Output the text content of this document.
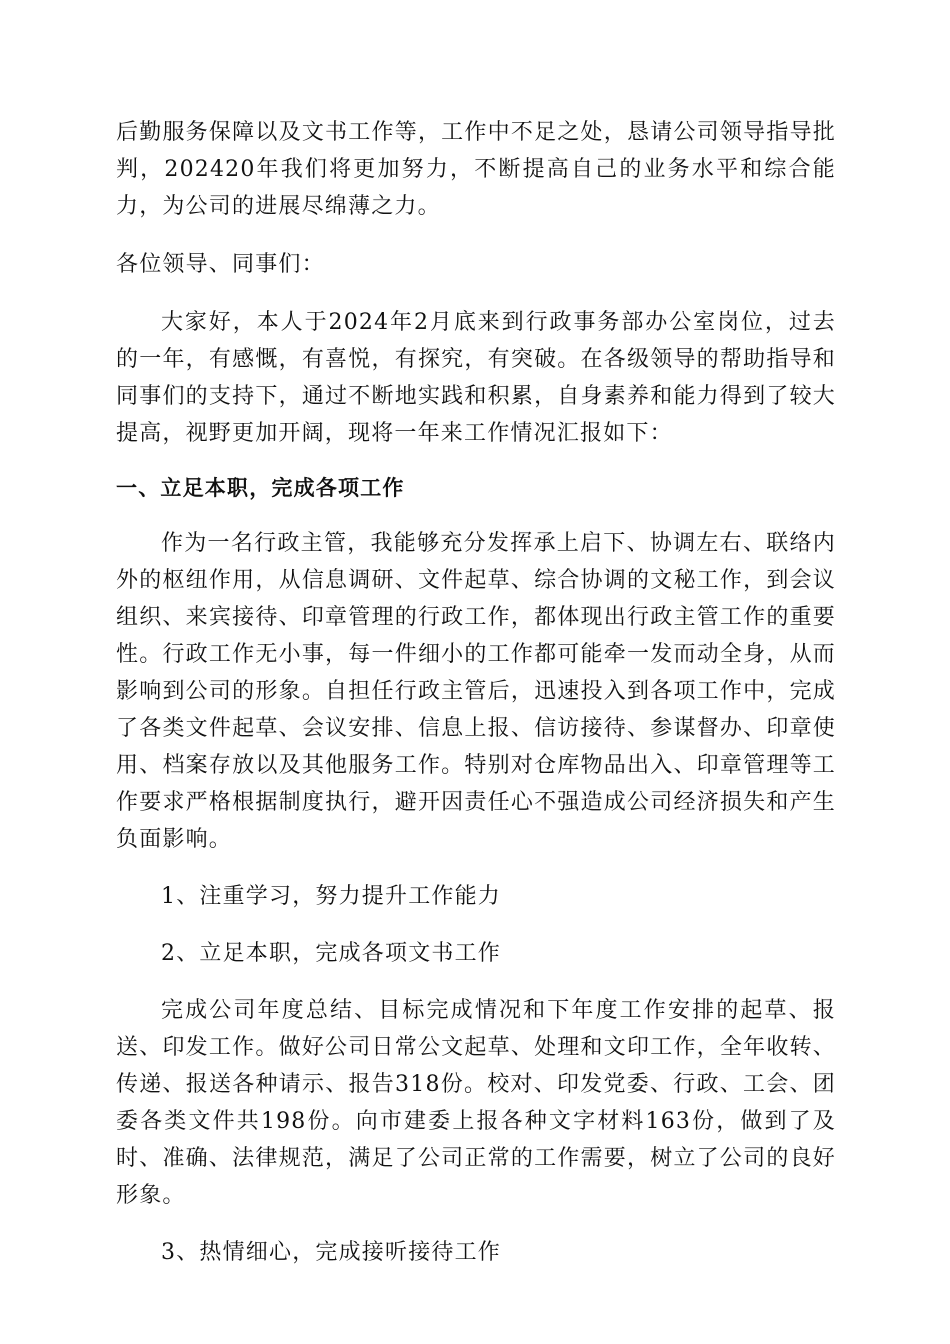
后勤服务保障以及文书工作等，工作中不足之处，恳请公司领导指导批判，202420年我们将更加努力，不断提高自己的业务水平和综合能力，为公司的进展尽绵薄之力。

各位领导、同事们：

大家好，本人于2024年2月底来到行政事务部办公室岗位，过去的一年，有感慨，有喜悦，有探究，有突破。在各级领导的帮助指导和同事们的支持下，通过不断地实践和积累，自身素养和能力得到了较大提高，视野更加开阔，现将一年来工作情况汇报如下：

一、立足本职，完成各项工作

作为一名行政主管，我能够充分发挥承上启下、协调左右、联络内外的枢纽作用，从信息调研、文件起草、综合协调的文秘工作，到会议组织、来宾接待、印章管理的行政工作，都体现出行政主管工作的重要性。行政工作无小事，每一件细小的工作都可能牵一发而动全身，从而影响到公司的形象。自担任行政主管后，迅速投入到各项工作中，完成了各类文件起草、会议安排、信息上报、信访接待、参谋督办、印章使用、档案存放以及其他服务工作。特别对仓库物品出入、印章管理等工作要求严格根据制度执行，避开因责任心不强造成公司经济损失和产生负面影响。

1、注重学习，努力提升工作能力

2、立足本职，完成各项文书工作

完成公司年度总结、目标完成情况和下年度工作安排的起草、报送、印发工作。做好公司日常公文起草、处理和文印工作，全年收转、传递、报送各种请示、报告318份。校对、印发党委、行政、工会、团委各类文件共198份。向市建委上报各种文字材料163份，做到了及时、准确、法律规范，满足了公司正常的工作需要，树立了公司的良好形象。

3、热情细心，完成接听接待工作
